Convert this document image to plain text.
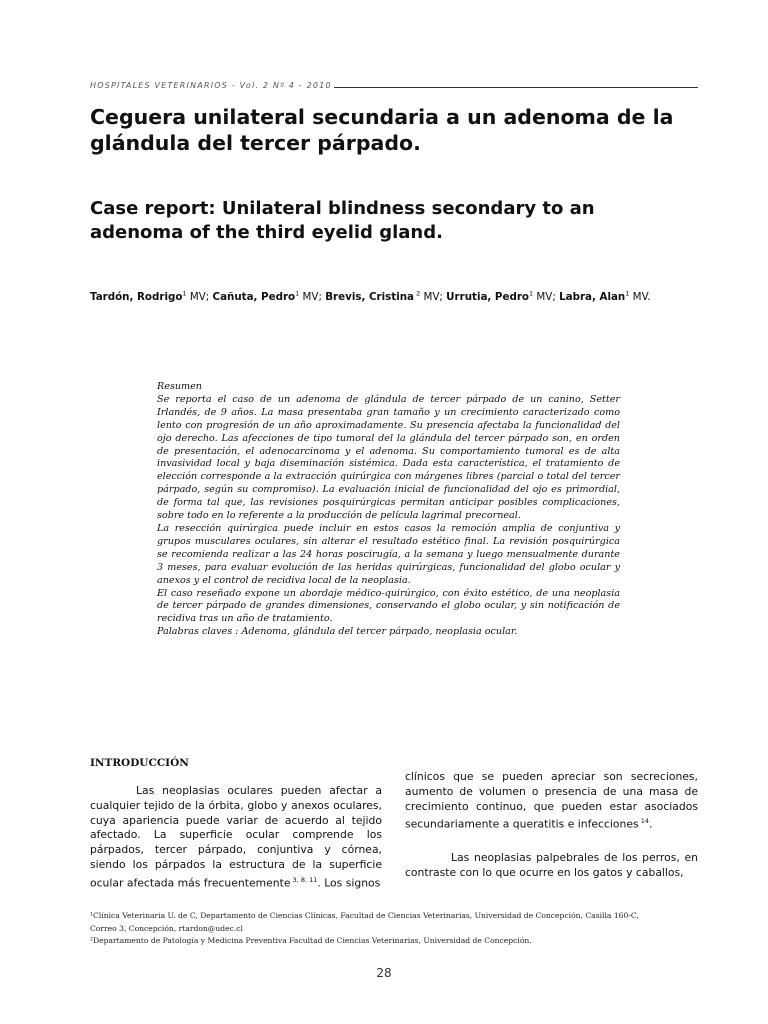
HOSPITALES VETERINARIOS - Vol. 2 Nº 4 - 2010
Ceguera unilateral secundaria a un adenoma de la glándula del tercer párpado.
Case report: Unilateral blindness secondary to an adenoma of the third eyelid gland.
Tardón, Rodrigo$^1$ MV; Cañuta, Pedro$^1$ MV; Brevis, Cristina $^2$ MV; Urrutia, Pedro$^1$ MV; Labra, Alan$^1$ MV.

Resumen

Se reporta el caso de un adenoma de glándula de tercer párpado de un canino, Setter Irlandés, de 9 años. La masa presentaba gran tamaño y un crecimiento caracterizado como lento con progresión de un año aproximadamente. Su presencia afectaba la funcionalidad del ojo derecho. Las afecciones de tipo tumoral del la glándula del tercer párpado son, en orden de presentación, el adenocarcinoma y el adenoma. Su comportamiento tumoral es de alta invasividad local y baja diseminación sistémica. Dada esta característica, el tratamiento de elección corresponde a la extracción quirúrgica con márgenes libres (parcial o total del tercer párpado, según su compromiso). La evaluación inicial de funcionalidad del ojo es primordial, de forma tal que, las revisiones posquirúrgicas permitan anticipar posibles complicaciones, sobre todo en lo referente a la producción de película lagrimal precorneal.

La resección quirúrgica puede incluir en estos casos la remoción amplia de conjuntiva y grupos musculares oculares, sin alterar el resultado estético final. La revisión posquirúrgica se recomienda realizar a las 24 horas poscirugía, a la semana y luego mensualmente durante 3 meses, para evaluar evolución de las heridas quirúrgicas, funcionalidad del globo ocular y anexos y el control de recidiva local de la neoplasia.

El caso reseñado expone un abordaje médico-quirúrgico, con éxito estético, de una neoplasia de tercer párpado de grandes dimensiones, conservando el globo ocular, y sin notificación de recidiva tras un año de tratamiento.

Palabras claves : Adenoma, glándula del tercer párpado, neoplasia ocular.

INTRODUCCIÓN

Las neoplasias oculares pueden afectar a cualquier tejido de la órbita, globo y anexos oculares, cuya apariencia puede variar de acuerdo al tejido afectado. La superficie ocular comprende los párpados, tercer párpado, conjuntiva y córnea, siendo los párpados la estructura de la superficie ocular afectada más frecuentemente $^{3, 8, 11}$. Los signos

clínicos que se pueden apreciar son secreciones, aumento de volumen o presencia de una masa de crecimiento continuo, que pueden estar asociados secundariamente a queratitis e infecciones $^{14}$.

Las neoplasias palpebrales de los perros, en contraste con lo que ocurre en los gatos y caballos,

¹Clínica Veterinaria U. de C, Departamento de Ciencias Clínicas, Facultad de Ciencias Veterinarias, Universidad de Concepción, Casilla 160-C,
Correo 3, Concepción, rtardon@udec.cl
²Departamento de Patología y Medicina Preventiva Facultad de Ciencias Veterinarias, Universidad de Concepción.
28
